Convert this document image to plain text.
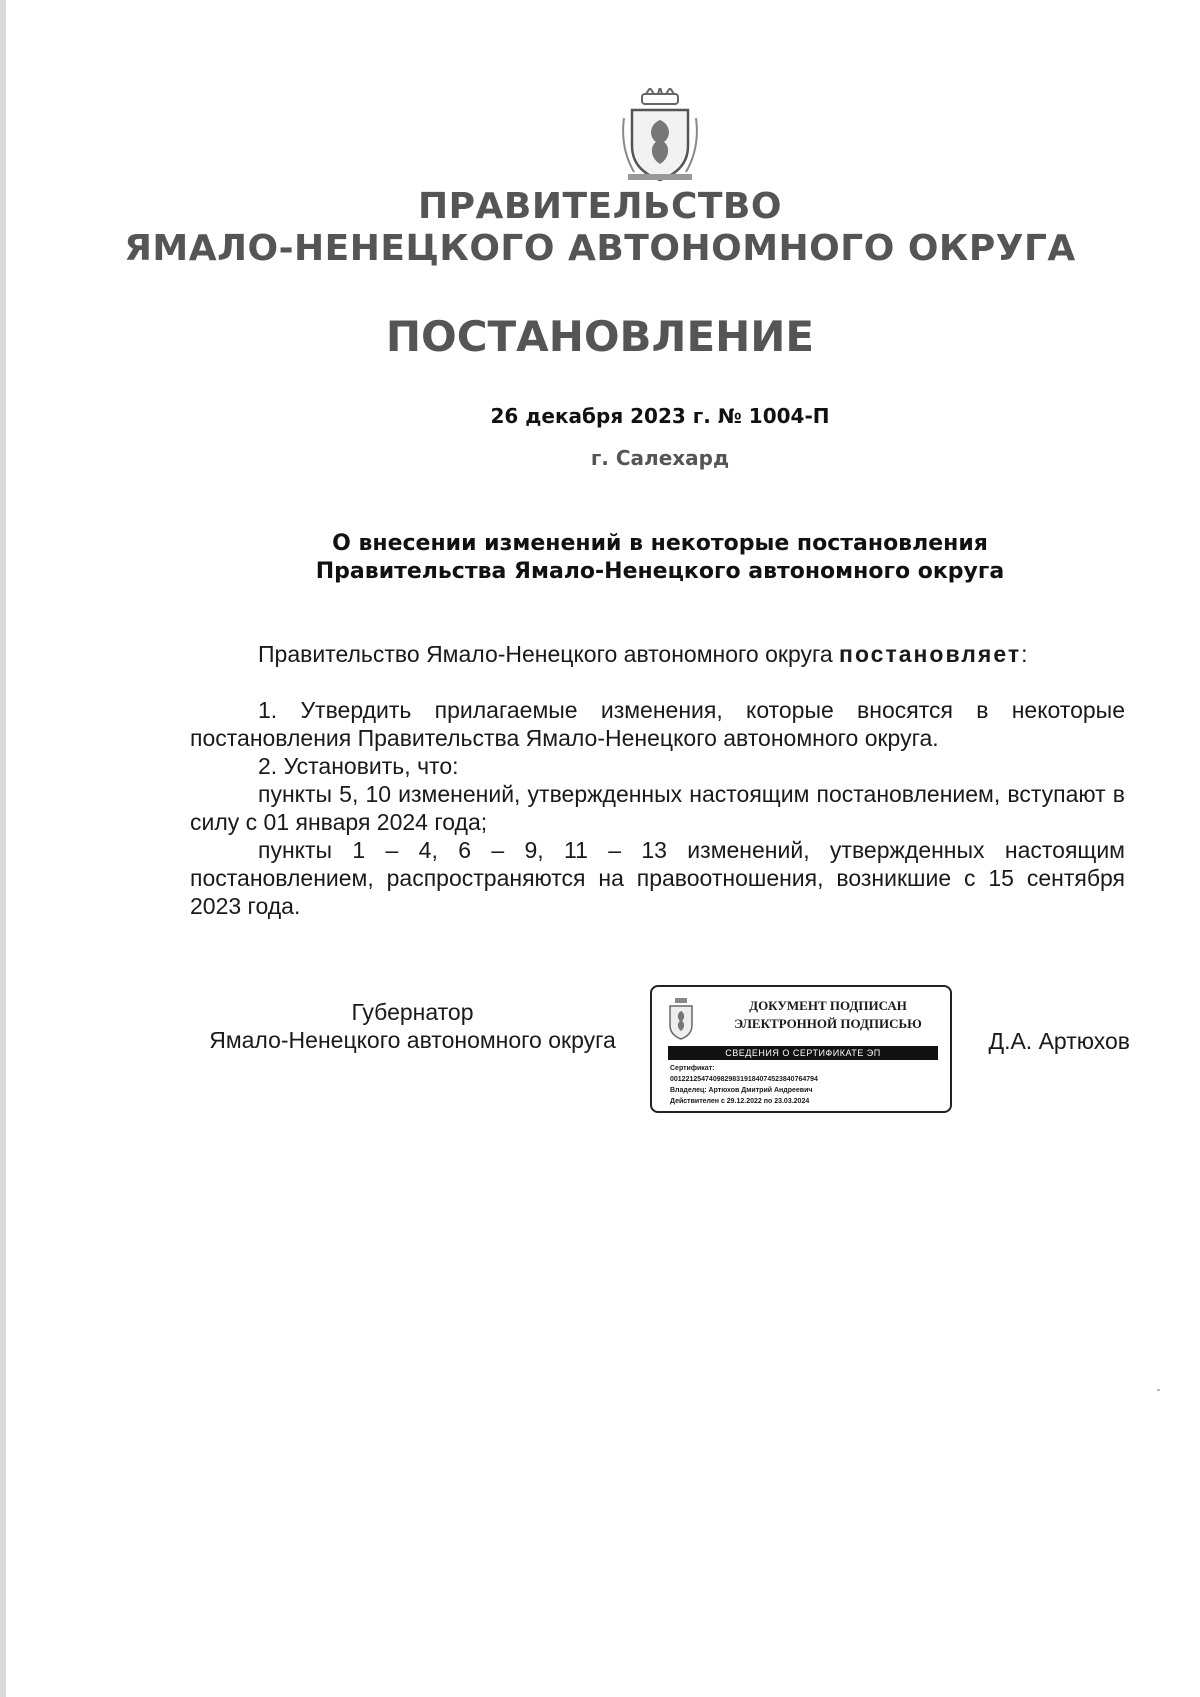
ПРАВИТЕЛЬСТВО
ЯМАЛО-НЕНЕЦКОГО АВТОНОМНОГО ОКРУГА
ПОСТАНОВЛЕНИЕ
26 декабря 2023 г. № 1004-П
г. Салехард
О внесении изменений в некоторые постановления
Правительства Ямало-Ненецкого автономного округа
Правительство Ямало-Ненецкого автономного округа постановляет:
1. Утвердить прилагаемые изменения, которые вносятся в некоторые постановления Правительства Ямало-Ненецкого автономного округа.
2. Установить, что:
пункты 5, 10 изменений, утвержденных настоящим постановлением, вступают в силу с 01 января 2024 года;
пункты 1 – 4, 6 – 9, 11 – 13 изменений, утвержденных настоящим постановлением, распространяются на правоотношения, возникшие с 15 сентября 2023 года.
Губернатор
Ямало-Ненецкого автономного округа
ДОКУМЕНТ ПОДПИСАН
ЭЛЕКТРОННОЙ ПОДПИСЬЮ
СВЕДЕНИЯ О СЕРТИФИКАТЕ ЭП
Сертификат:
00122125474098298319184074523840764794
Владелец: Артюхов Дмитрий Андреевич
Действителен с 29.12.2022 по 23.03.2024
Д.А. Артюхов
